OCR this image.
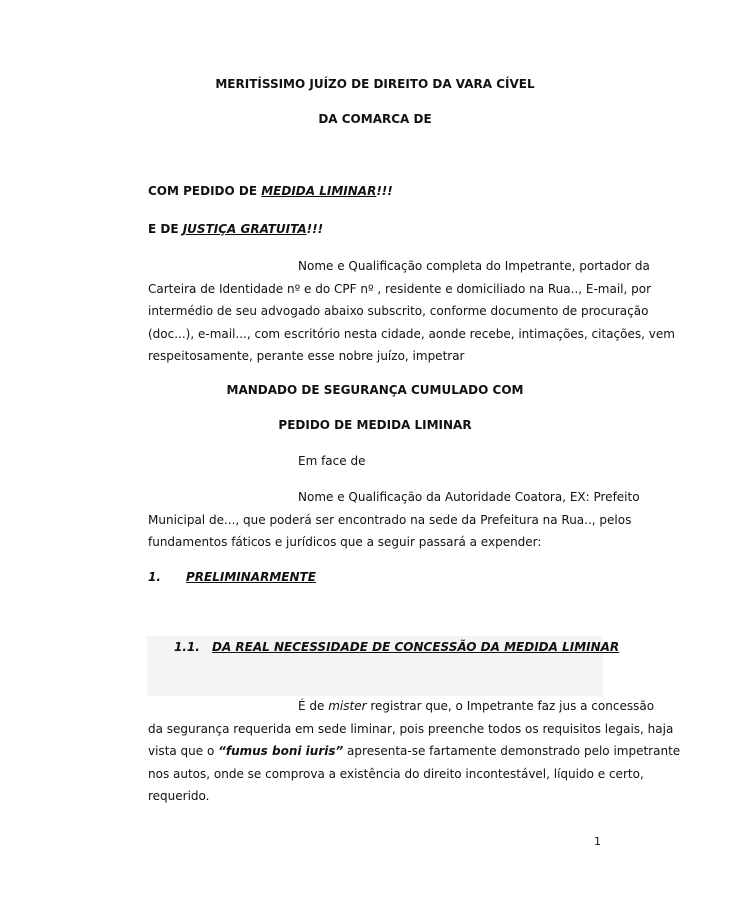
MERITÍSSIMO JUÍZO DE DIREITO DA VARA CÍVEL
DA COMARCA DE
COM PEDIDO DE MEDIDA LIMINAR!!!
E DE JUSTIÇA GRATUITA!!!
Nome e Qualificação completa do Impetrante, portador da
Carteira de Identidade nº e do CPF nº , residente e domiciliado na Rua.., E-mail, por
intermédio de seu advogado abaixo subscrito, conforme documento de procuração
(doc...), e-mail..., com escritório nesta cidade, aonde recebe, intimações, citações, vem
respeitosamente, perante esse nobre juízo, impetrar
MANDADO DE SEGURANÇA CUMULADO COM
PEDIDO DE MEDIDA LIMINAR
Em face de
Nome e Qualificação da Autoridade Coatora, EX: Prefeito
Municipal de..., que poderá ser encontrado na sede da Prefeitura na Rua.., pelos
fundamentos fáticos e jurídicos que a seguir passará a expender:
1. PRELIMINARMENTE
1.1. DA REAL NECESSIDADE DE CONCESSÃO DA MEDIDA LIMINAR
É de mister registrar que, o Impetrante faz jus a concessão
da segurança requerida em sede liminar, pois preenche todos os requisitos legais, haja
vista que o “fumus boni iuris” apresenta-se fartamente demonstrado pelo impetrante
nos autos, onde se comprova a existência do direito incontestável, líquido e certo,
requerido.
1
